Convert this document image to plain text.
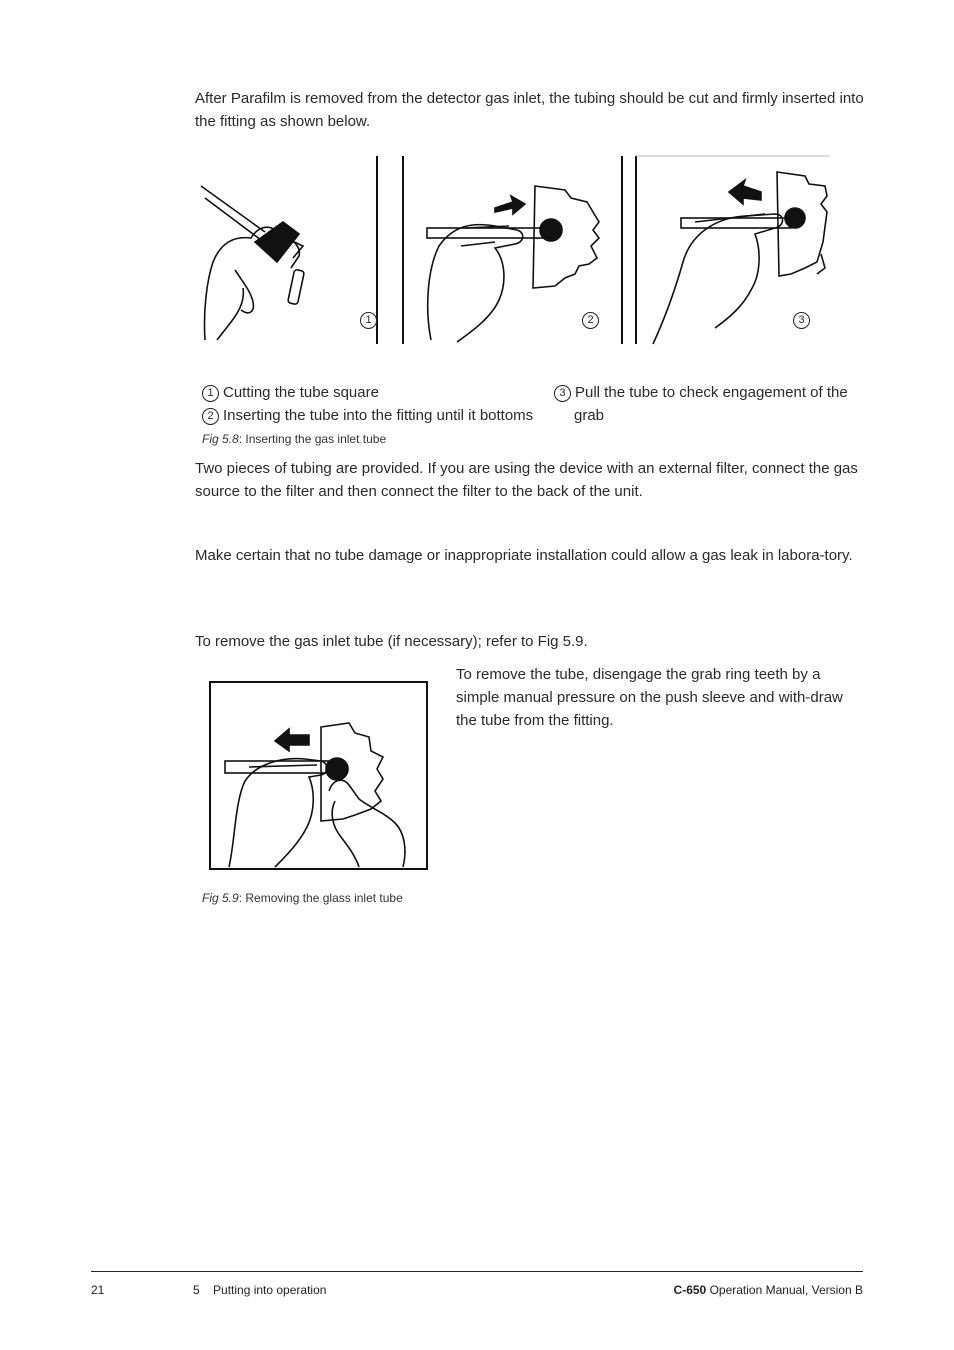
After Parafilm is removed from the detector gas inlet, the tubing should be cut and firmly inserted into the fitting as shown below.

1	2	3
1 Cutting the tube square
2 Inserting the tube into the fitting until it bottoms
3 Pull the tube to check engagement of the grab
Fig 5.8: Inserting the gas inlet tube

Two pieces of tubing are provided. If you are using the device with an external filter, connect the gas source to the filter and then connect the filter to the back of the unit.

Make certain that no tube damage or inappropriate installation could allow a gas leak in labora-tory.

To remove the gas inlet tube (if necessary); refer to Fig 5.9.

To remove the tube, disengage the grab ring teeth by a simple manual pressure on the push sleeve and with-draw the tube from the fitting.

Fig 5.9: Removing the glass inlet tube
21	5    Putting into operation	C-650 Operation Manual, Version B
